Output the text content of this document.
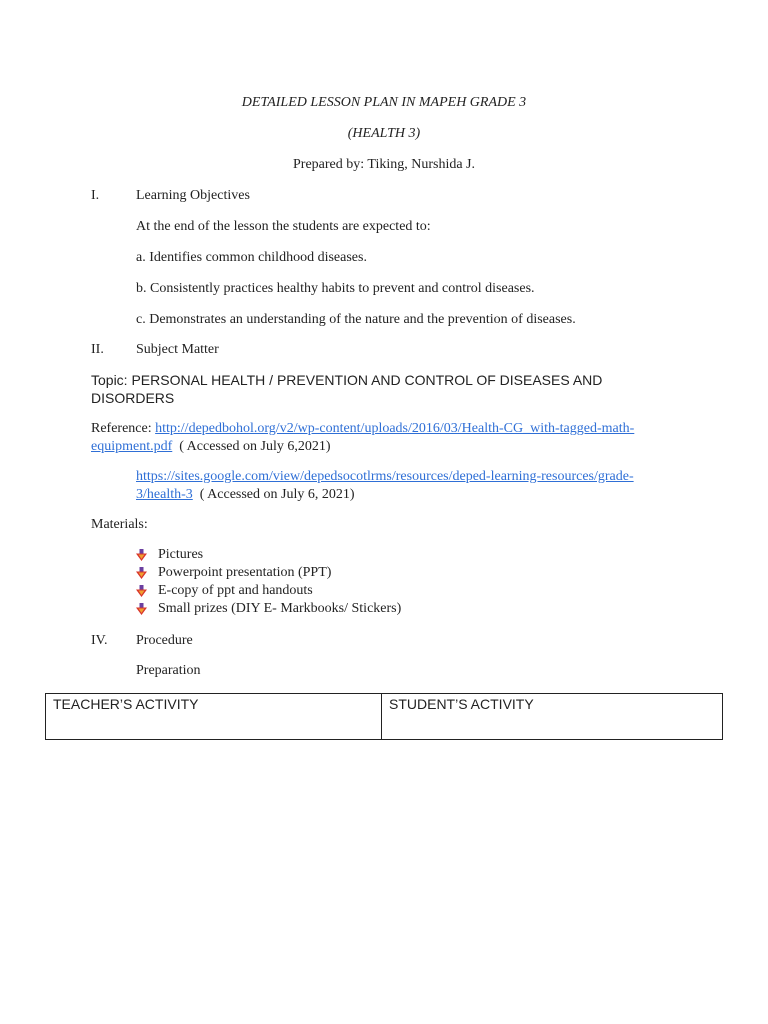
DETAILED LESSON PLAN IN MAPEH GRADE 3
(HEALTH 3)
Prepared by: Tiking, Nurshida J.
I.	Learning Objectives
At the end of the lesson the students are expected to:
a. Identifies common childhood diseases.
b. Consistently practices healthy habits to prevent and control diseases.
c. Demonstrates an understanding of the nature and the prevention of diseases.
II. Subject Matter
Topic: PERSONAL HEALTH / PREVENTION AND CONTROL OF DISEASES AND
DISORDERS
Reference: http://depedbohol.org/v2/wp-content/uploads/2016/03/Health-CG_with-tagged-math-
equipment.pdf  ( Accessed on July 6,2021)
https://sites.google.com/view/depedsocotlrms/resources/deped-learning-resources/grade-
3/health-3  ( Accessed on July 6, 2021)
Materials:
Pictures
Powerpoint presentation (PPT)
E-copy of ppt and handouts
Small prizes (DIY E- Markbooks/ Stickers)
IV. Procedure
Preparation
TEACHER’S ACTIVITY	STUDENT’S ACTIVITY
